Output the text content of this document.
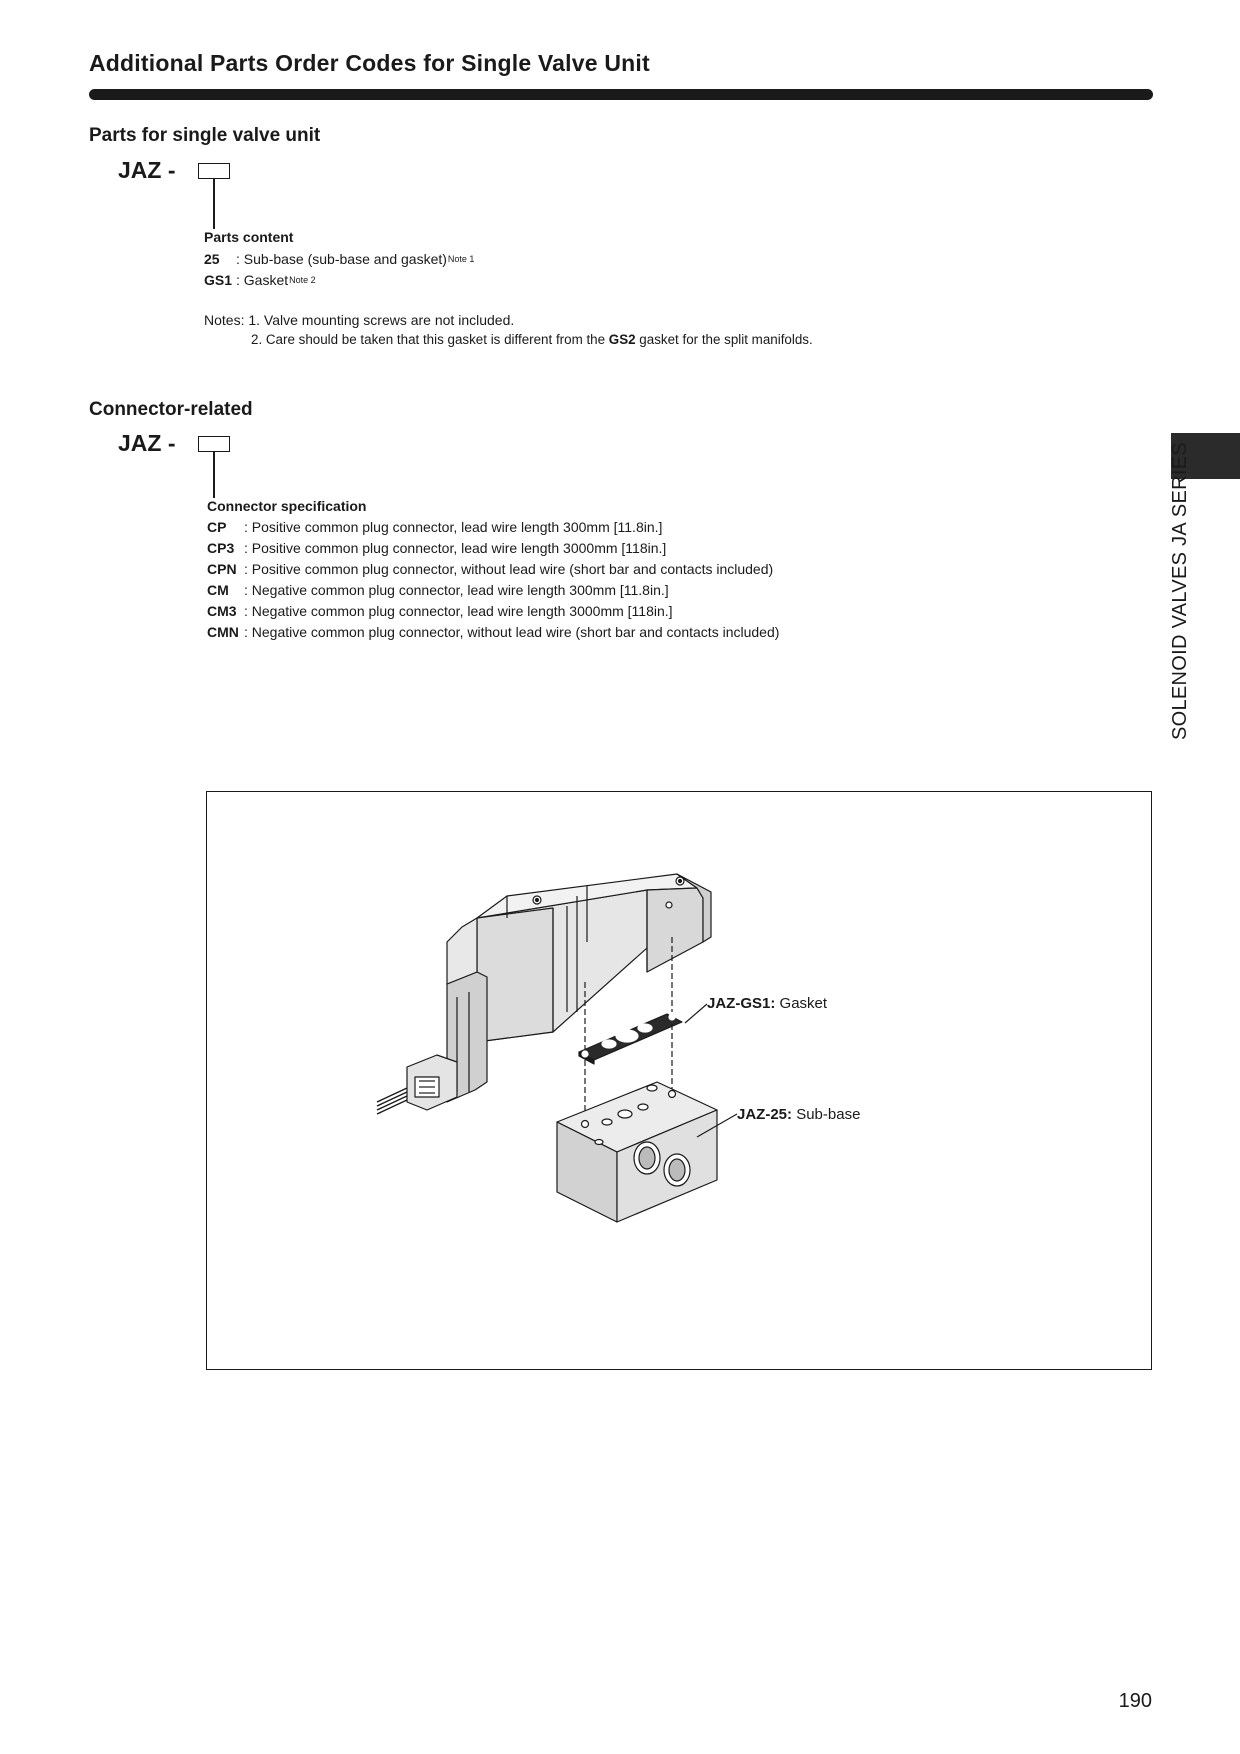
Additional Parts Order Codes for Single Valve Unit
SOLENOID VALVES JA SERIES
Parts for single valve unit
JAZ -
Parts content
25	: Sub-base (sub-base and gasket) Note 1
GS1 : Gasket Note 2
Notes: 1. Valve mounting screws are not included.
2. Care should be taken that this gasket is different from the GS2 gasket for the split manifolds.
Connector-related
JAZ -
Connector specification
CP	: Positive common plug connector, lead wire length 300mm [11.8in.]
CP3 : Positive common plug connector, lead wire length 3000mm [118in.]
CPN : Positive common plug connector, without lead wire (short bar and contacts included)
CM	: Negative common plug connector, lead wire length 300mm [11.8in.]
CM3 : Negative common plug connector, lead wire length 3000mm [118in.]
CMN : Negative common plug connector, without lead wire (short bar and contacts included)
JAZ-GS1: Gasket
JAZ-25: Sub-base
190
